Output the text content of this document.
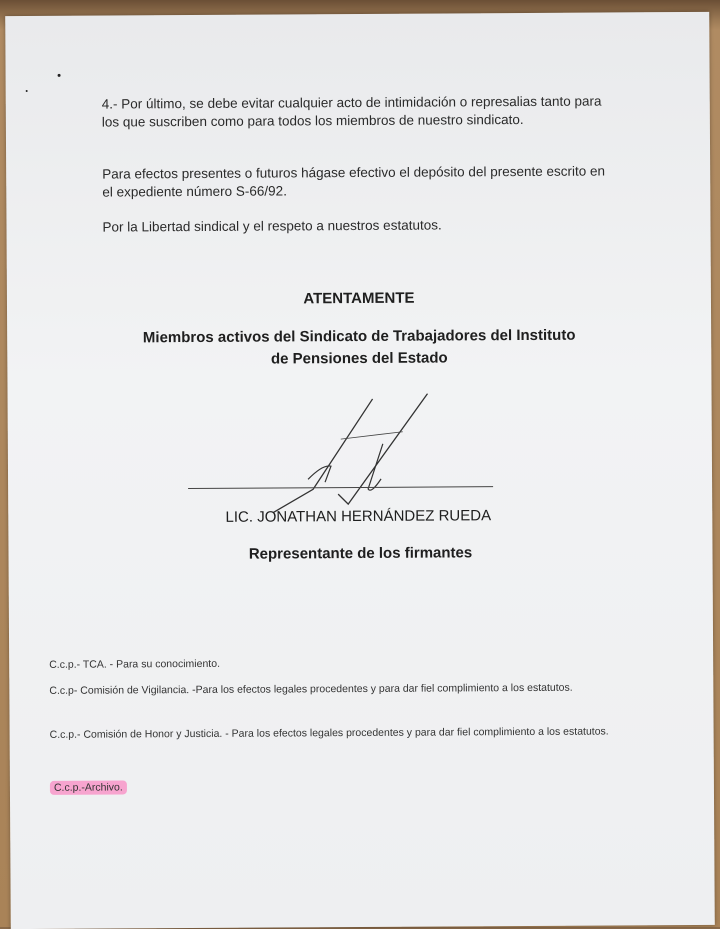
4.- Por último, se debe evitar cualquier acto de intimidación o represalias tanto para los que suscriben como para todos los miembros de nuestro sindicato.

Para efectos presentes o futuros hágase efectivo el depósito del presente escrito en el expediente número S-66/92.

Por la Libertad sindical y el respeto a nuestros estatutos.

ATENTAMENTE
Miembros activos del Sindicato de Trabajadores del Instituto
de Pensiones del Estado
LIC. JONATHAN HERNÁNDEZ RUEDA
Representante de los firmantes

C.c.p.- TCA. - Para su conocimiento.

C.c.p- Comisión de Vigilancia. -Para los efectos legales procedentes y para dar fiel complimiento a los estatutos.

C.c.p.- Comisión de Honor y Justicia. - Para los efectos legales procedentes y para dar fiel complimiento a los estatutos.

C.c.p.-Archivo.
